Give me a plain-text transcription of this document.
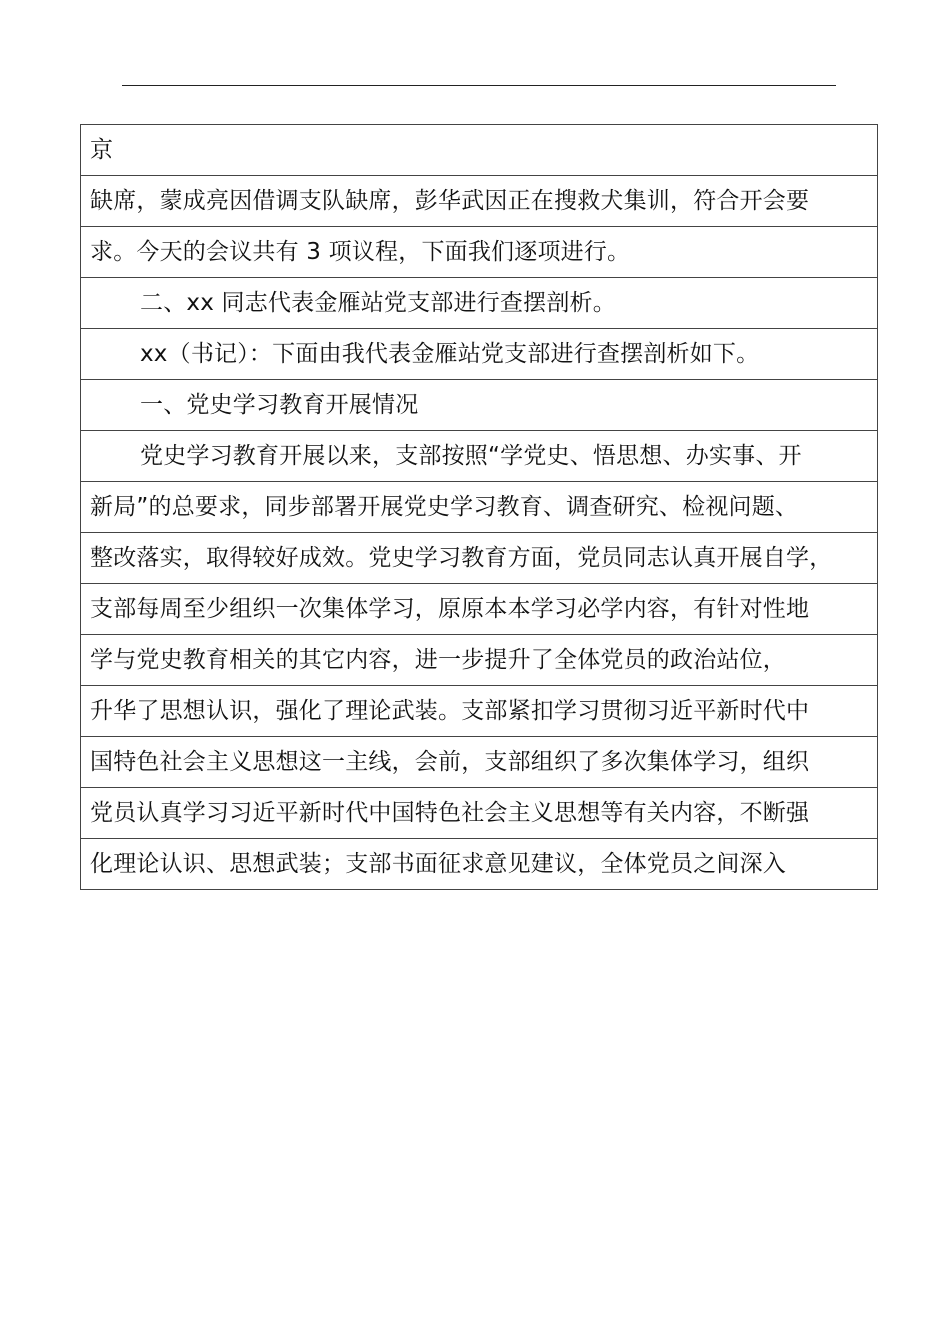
京
缺席，蒙成亮因借调支队缺席，彭华武因正在搜救犬集训，符合开会要
求。今天的会议共有 3 项议程，下面我们逐项进行。
二、xx 同志代表金雁站党支部进行查摆剖析。
xx（书记）：下面由我代表金雁站党支部进行查摆剖析如下。
一、党史学习教育开展情况
党史学习教育开展以来，支部按照“学党史、悟思想、办实事、开
新局”的总要求，同步部署开展党史学习教育、调查研究、检视问题、
整改落实，取得较好成效。党史学习教育方面，党员同志认真开展自学，
支部每周至少组织一次集体学习，原原本本学习必学内容，有针对性地
学与党史教育相关的其它内容，进一步提升了全体党员的政治站位，
升华了思想认识，强化了理论武装。支部紧扣学习贯彻习近平新时代中
国特色社会主义思想这一主线，会前，支部组织了多次集体学习，组织
党员认真学习习近平新时代中国特色社会主义思想等有关内容，不断强
化理论认识、思想武装；支部书面征求意见建议，全体党员之间深入
